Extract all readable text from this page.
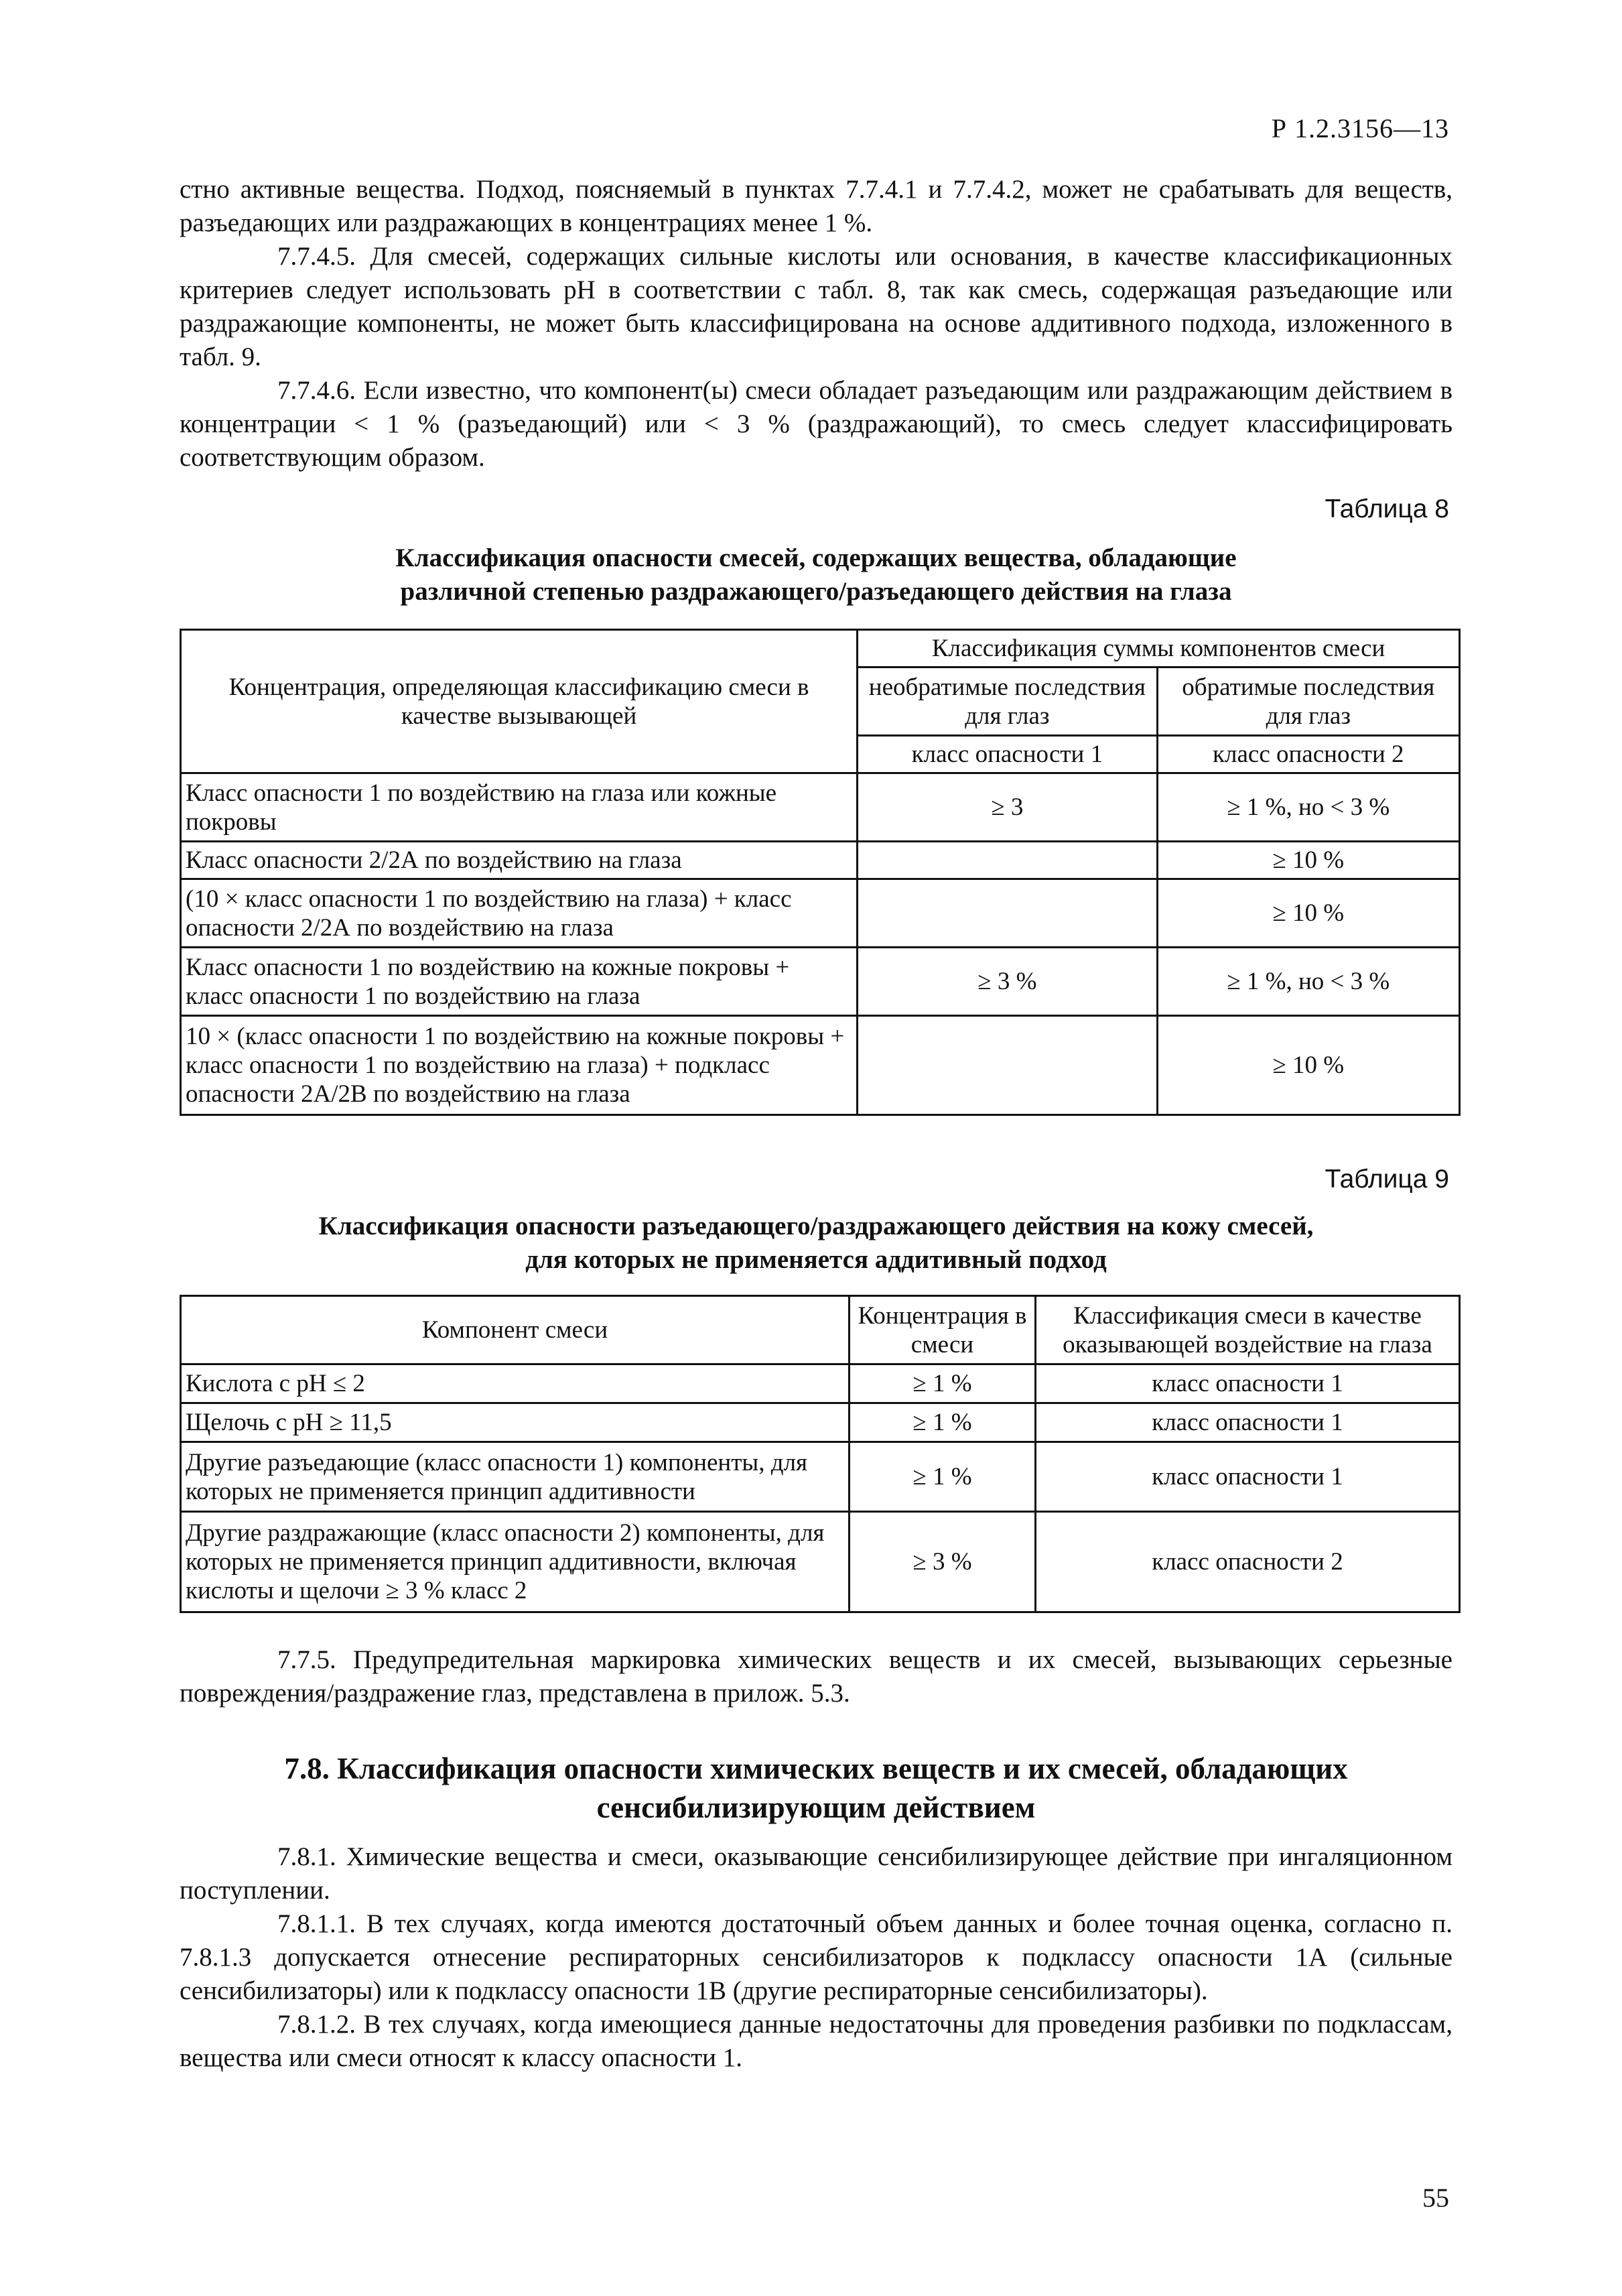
Р 1.2.3156—13

стно активные вещества. Подход, поясняемый в пунктах 7.7.4.1 и 7.7.4.2, может не срабатывать для веществ, разъедающих или раздражающих в концентрациях менее 1 %.

7.7.4.5. Для смесей, содержащих сильные кислоты или основания, в качестве классификационных критериев следует использовать pH в соответствии с табл. 8, так как смесь, содержащая разъедающие или раздражающие компоненты, не может быть классифицирована на основе аддитивного подхода, изложенного в табл. 9.

7.7.4.6. Если известно, что компонент(ы) смеси обладает разъедающим или раздражающим действием в концентрации < 1 % (разъедающий) или < 3 % (раздражающий), то смесь следует классифицировать соответствующим образом.

Таблица 8
Классификация опасности смесей, содержащих вещества, обладающие
различной степенью раздражающего/разъедающего действия на глаза
Концентрация, определяющая классификацию смеси в качестве вызывающей	Классификация суммы компонентов смеси	
	необратимые последствия для глаз	обратимые последствия для глаз
	класс опасности 1	класс опасности 2
Класс опасности 1 по воздействию на глаза или кожные покровы	≥ 3	≥ 1 %, но < 3 %
Класс опасности 2/2А по воздействию на глаза		≥ 10 %
(10 × класс опасности 1 по воздействию на глаза) + класс опасности 2/2А по воздействию на глаза		≥ 10 %
Класс опасности 1 по воздействию на кожные покровы + класс опасности 1 по воздействию на глаза	≥ 3 %	≥ 1 %, но < 3 %
10 × (класс опасности 1 по воздействию на кожные покровы + класс опасности 1 по воздействию на глаза) + подкласс опасности 2А/2В по воздействию на глаза		≥ 10 %
Таблица 9
Классификация опасности разъедающего/раздражающего действия на кожу смесей,
для которых не применяется аддитивный подход
Компонент смеси	Концентрация в смеси	Классификация смеси в качестве оказывающей воздействие на глаза
Кислота с pH ≤ 2	≥ 1 %	класс опасности 1
Щелочь с pH ≥ 11,5	≥ 1 %	класс опасности 1
Другие разъедающие (класс опасности 1) компоненты, для которых не применяется принцип аддитивности	≥ 1 %	класс опасности 1
Другие раздражающие (класс опасности 2) компоненты, для которых не применяется принцип аддитивности, включая кислоты и щелочи ≥ 3 % класс 2	≥ 3 %	класс опасности 2

7.7.5. Предупредительная маркировка химических веществ и их смесей, вызывающих серьезные повреждения/раздражение глаз, представлена в прилож. 5.3.

7.8. Классификация опасности химических веществ и их смесей, обладающих
сенсибилизирующим действием

7.8.1. Химические вещества и смеси, оказывающие сенсибилизирующее действие при ингаляционном поступлении.

7.8.1.1. В тех случаях, когда имеются достаточный объем данных и более точная оценка, согласно п. 7.8.1.3 допускается отнесение респираторных сенсибилизаторов к подклассу опасности 1А (сильные сенсибилизаторы) или к подклассу опасности 1В (другие респираторные сенсибилизаторы).

7.8.1.2. В тех случаях, когда имеющиеся данные недостаточны для проведения разбивки по подклассам, вещества или смеси относят к классу опасности 1.

55
